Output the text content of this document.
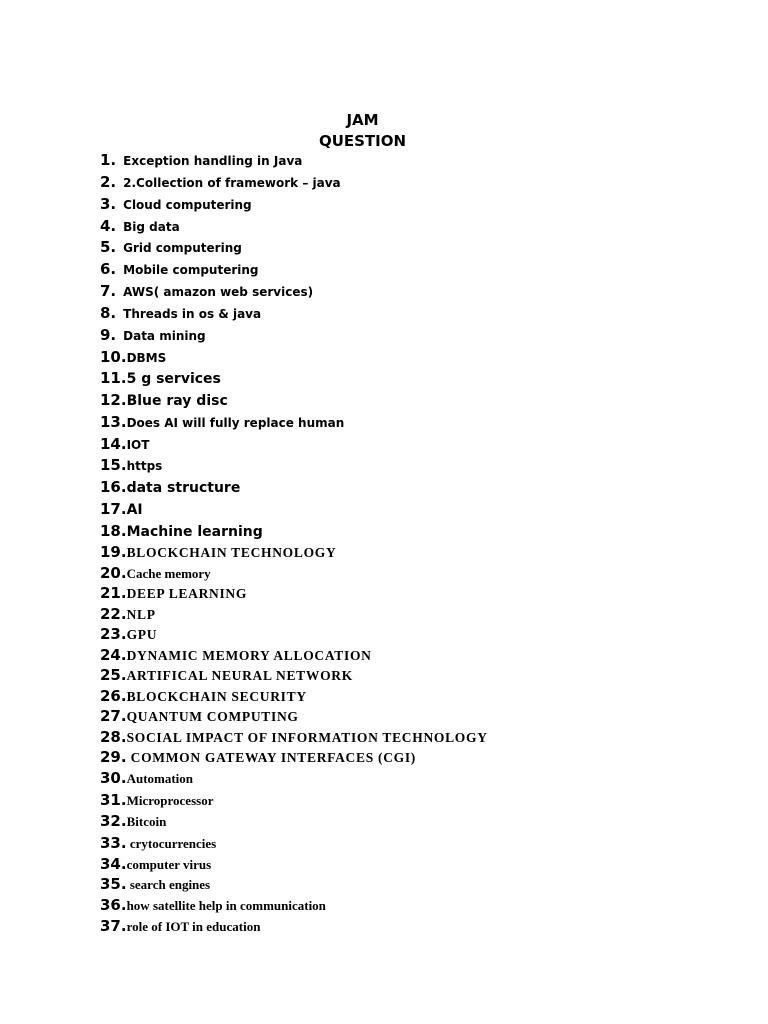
JAM
QUESTION
1. Exception handling in Java
2. 2.Collection of framework – java
3. Cloud computering
4. Big data
5. Grid computering
6. Mobile computering
7. AWS( amazon web services)
8. Threads in os & java
9. Data mining
10.DBMS
11.5 g services
12.Blue ray disc
13.Does AI will fully replace human
14.IOT
15.https
16.data structure
17.AI
18.Machine learning
19.BLOCKCHAIN TECHNOLOGY
20.Cache memory
21.DEEP LEARNING
22.NLP
23.GPU
24.DYNAMIC MEMORY ALLOCATION
25.ARTIFICAL NEURAL NETWORK
26.BLOCKCHAIN SECURITY
27.QUANTUM COMPUTING
28.SOCIAL IMPACT OF INFORMATION TECHNOLOGY
29. COMMON GATEWAY INTERFACES (CGI)
30.Automation
31.Microprocessor
32.Bitcoin
33. crytocurrencies
34.computer virus
35. search engines
36.how satellite help in communication
37.role of IOT in education
